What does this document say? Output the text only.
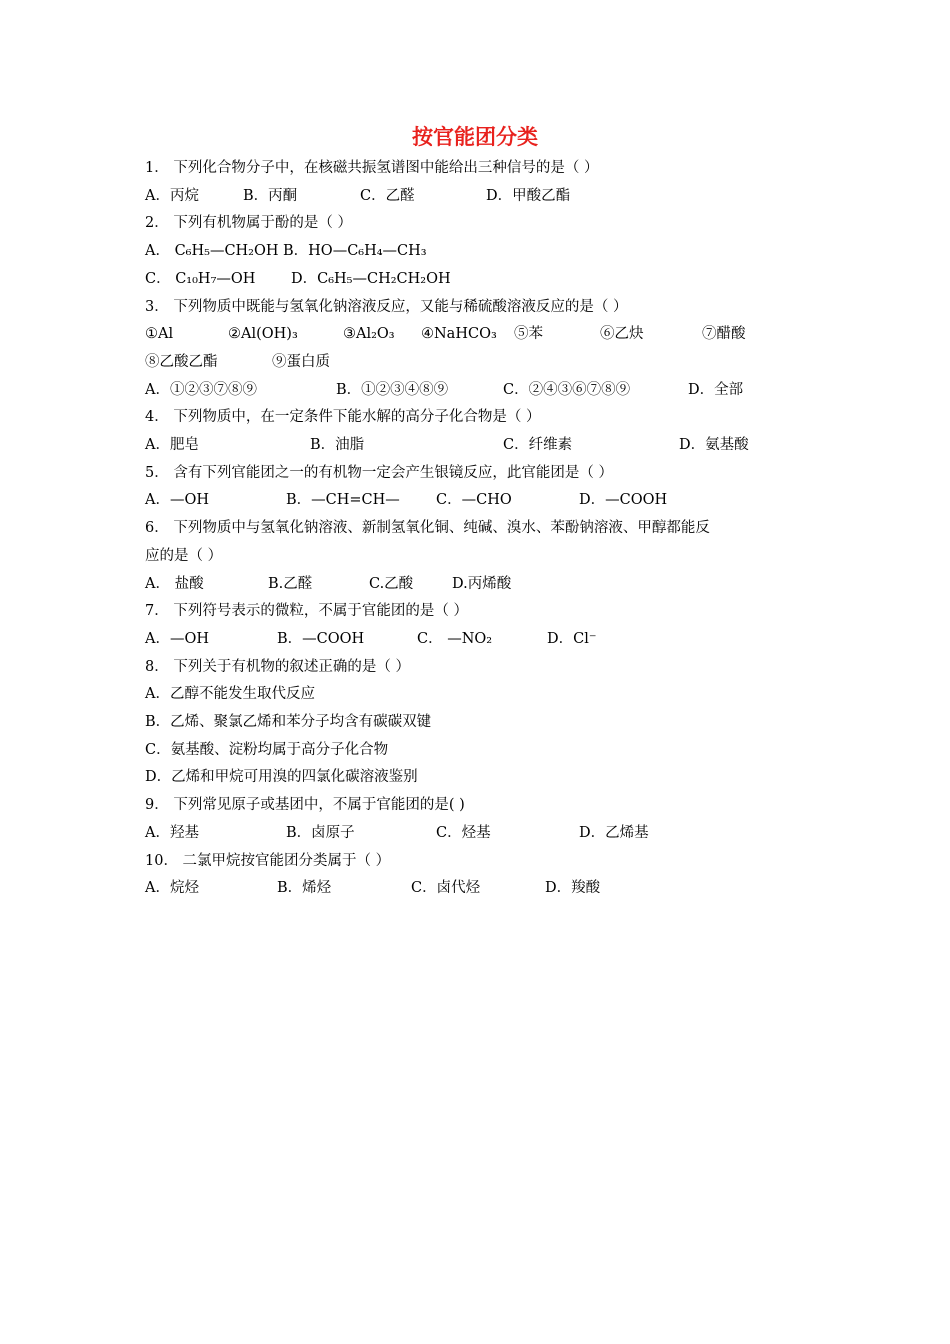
按官能团分类
1． 下列化合物分子中，在核磁共振氢谱图中能给出三种信号的是（ ）
A．丙烷	B．丙酮	C．乙醛	D．甲酸乙酯
2． 下列有机物属于酚的是（ ）
A． C₆H₅—CH₂OH B．HO—C₆H₄—CH₃
C． C₁₀H₇—OH D．C₆H₅—CH₂CH₂OH
3． 下列物质中既能与氢氧化钠溶液反应，又能与稀硫酸溶液反应的是（ ）
①Al	②Al(OH)₃	③Al₂O₃ ④NaHCO₃ ⑤苯	⑥乙炔	⑦醋酸
⑧乙酸乙酯	⑨蛋白质
A．①②③⑦⑧⑨	B．①②③④⑧⑨	C．②④③⑥⑦⑧⑨	D．全部
4． 下列物质中，在一定条件下能水解的高分子化合物是（ ）
A．肥皂	B．油脂	C．纤维素	D．氨基酸
5． 含有下列官能团之一的有机物一定会产生银镜反应，此官能团是（ ）
A．—OH	B．—CH=CH— C．—CHO	D．—COOH
6． 下列物质中与氢氧化钠溶液、新制氢氧化铜、纯碱、溴水、苯酚钠溶液、甲醇都能反
应的是（ ）
A． 盐酸	B.乙醛	C.乙酸	D.丙烯酸
7． 下列符号表示的微粒，不属于官能团的是（ ）
A．—OH	B．—COOH	C． —NO₂	D．Cl⁻
8． 下列关于有机物的叙述正确的是（ ）
A．乙醇不能发生取代反应
B．乙烯、聚氯乙烯和苯分子均含有碳碳双键
C．氨基酸、淀粉均属于高分子化合物
D．乙烯和甲烷可用溴的四氯化碳溶液鉴别
9． 下列常见原子或基团中，不属于官能团的是( )
A．羟基	B．卤原子	C．烃基	D．乙烯基
10． 二氯甲烷按官能团分类属于（ ）
A．烷烃	B．烯烃	C．卤代烃	D．羧酸
